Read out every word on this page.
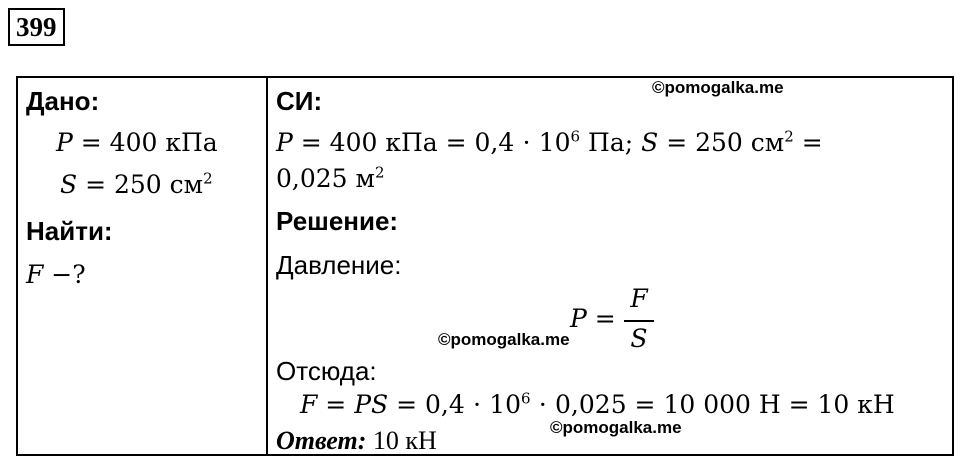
399
Дано:
P = 400 кПа
S = 250 $см^2$
Найти:
F −?
СИ:	©pomogalka.me
P = 400 кПа = $0,4 \cdot 10^6$ Па; S = 250 $см^2$ =
0,025 $м^2$
Решение:
Давление:
P =
F
S
©pomogalka.me
Отсюда:
F = PS = $0,4 \cdot 10^6 \cdot 0,025 = 10$ 000 Н = 10 кН
Ответ: 10 кН	©pomogalka.me
